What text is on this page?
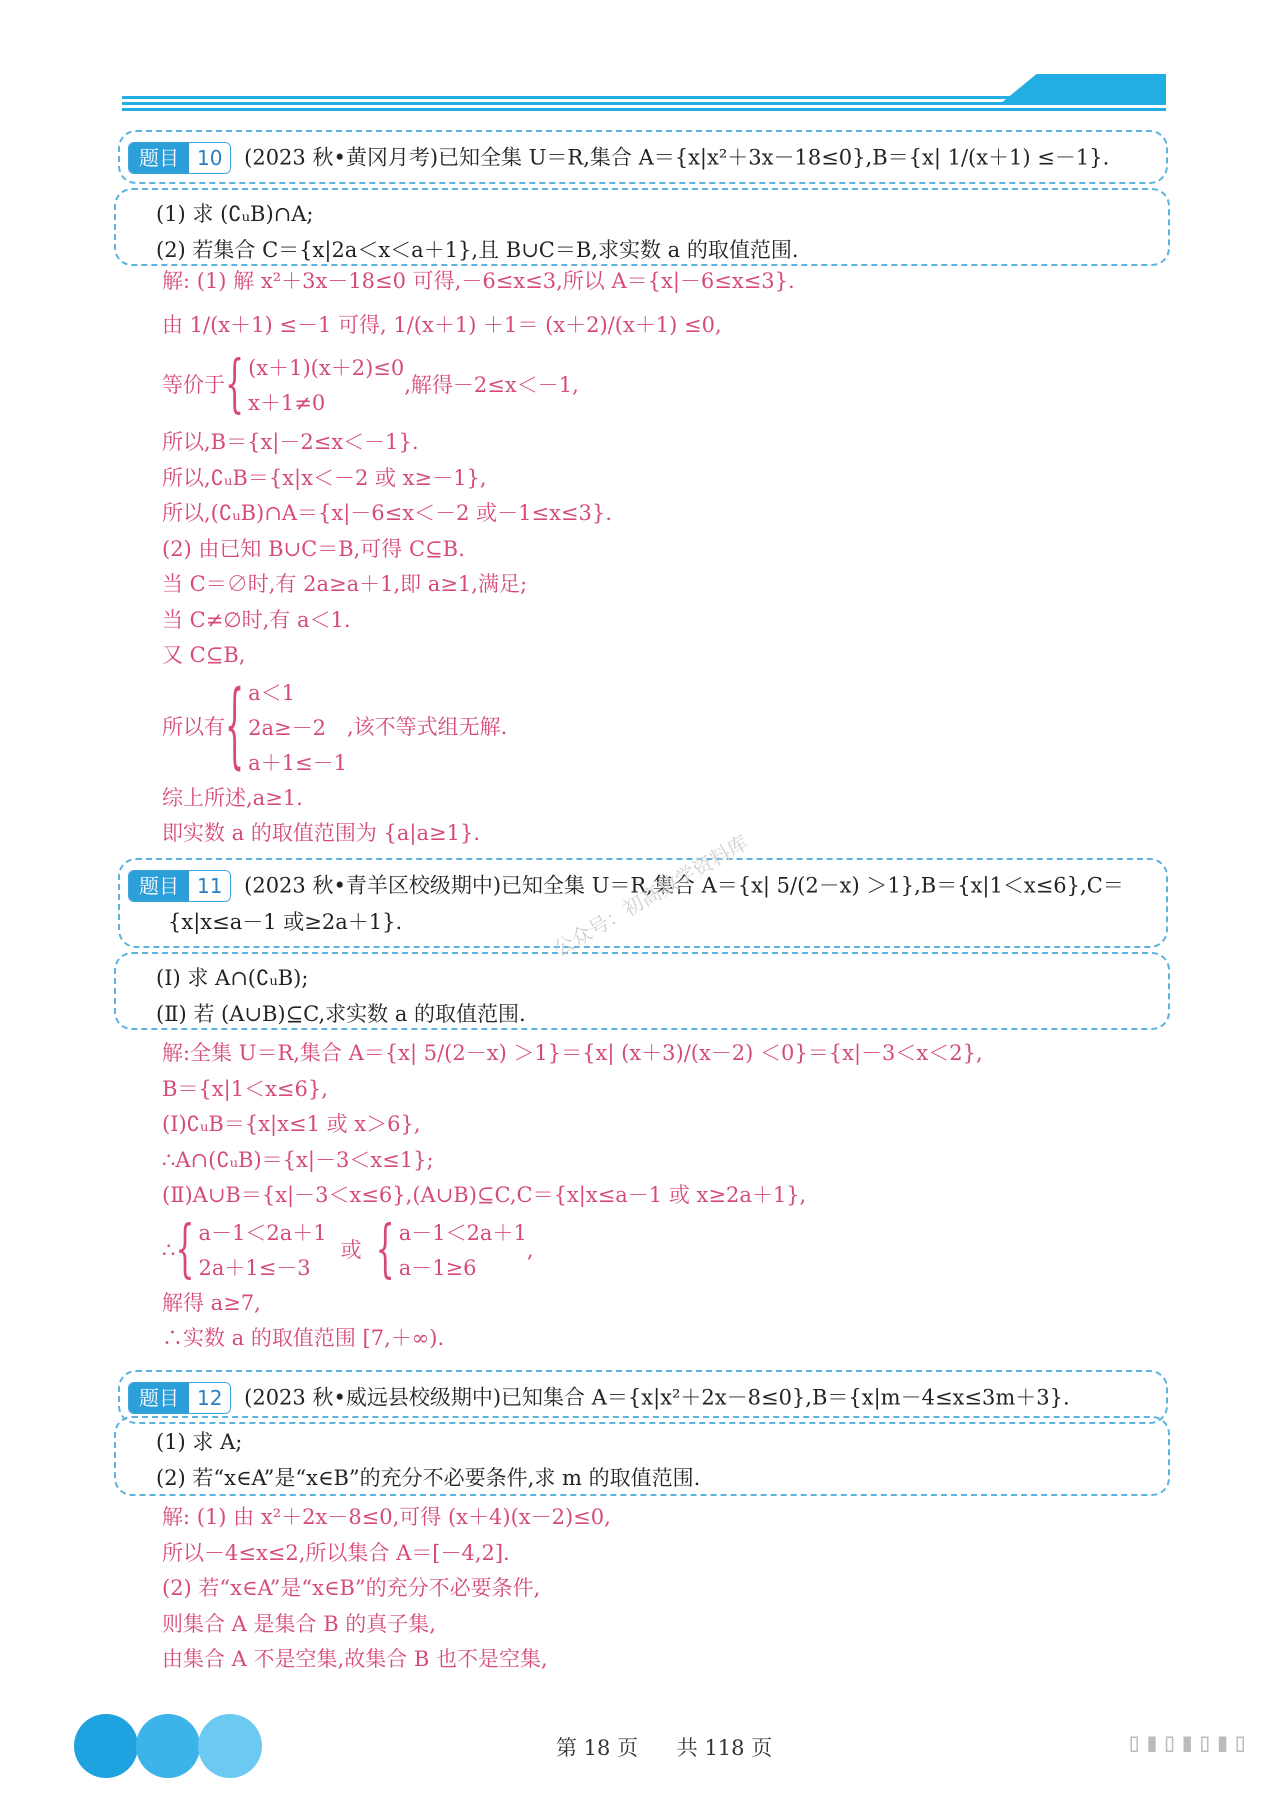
题目 10 (2023 秋•黄冈月考)已知全集 U＝R,集合 A＝{x|x²＋3x－18≤0},B＝{x| 1/(x＋1) ≤－1}.
(1) 求 (∁ᵤB)∩A;
(2) 若集合 C＝{x|2a＜x＜a＋1},且 B∪C＝B,求实数 a 的取值范围.
解: (1) 解 x²＋3x－18≤0 可得,－6≤x≤3,所以 A＝{x|－6≤x≤3}.
由 1/(x＋1) ≤－1 可得, 1/(x＋1) ＋1＝ (x＋2)/(x＋1) ≤0,
等价于 { (x＋1)(x＋2)≤0
x＋1≠0
,解得－2≤x＜－1,
所以,B＝{x|－2≤x＜－1}.
所以,∁ᵤB＝{x|x＜－2 或 x≥－1},
所以,(∁ᵤB)∩A＝{x|－6≤x＜－2 或－1≤x≤3}.
(2) 由已知 B∪C＝B,可得 C⊆B.
当 C＝∅时,有 2a≥a＋1,即 a≥1,满足;
当 C≠∅时,有 a＜1.
又 C⊆B,
所以有 { a＜1
2a≥－2
a＋1≤－1
,该不等式组无解.
综上所述,a≥1.
即实数 a 的取值范围为 {a|a≥1}.
题目 11 (2023 秋•青羊区校级期中)已知全集 U＝R,集合 A＝{x| 5/(2－x) ＞1},B＝{x|1＜x≤6},C＝
{x|x≤a－1 或≥2a＋1}.
(Ⅰ) 求 A∩(∁ᵤB);
(Ⅱ) 若 (A∪B)⊆C,求实数 a 的取值范围.
公众号：初高数学资料库
解:全集 U＝R,集合 A＝{x| 5/(2－x) ＞1}＝{x| (x＋3)/(x－2) ＜0}＝{x|－3＜x＜2},
B＝{x|1＜x≤6},
(Ⅰ)∁ᵤB＝{x|x≤1 或 x＞6},
∴A∩(∁ᵤB)＝{x|－3＜x≤1};
(Ⅱ)A∪B＝{x|－3＜x≤6},(A∪B)⊆C,C＝{x|x≤a－1 或 x≥2a＋1},
∴ { a－1＜2a＋1
2a＋1≤－3
或 { a－1＜2a＋1
a－1≥6
,
解得 a≥7,
∴实数 a 的取值范围 [7,＋∞).
题目 12 (2023 秋•威远县校级期中)已知集合 A＝{x|x²＋2x－8≤0},B＝{x|m－4≤x≤3m＋3}.
(1) 求 A;
(2) 若“x∈A”是“x∈B”的充分不必要条件,求 m 的取值范围.
解: (1) 由 x²＋2x－8≤0,可得 (x＋4)(x－2)≤0,
所以－4≤x≤2,所以集合 A＝[－4,2].
(2) 若“x∈A”是“x∈B”的充分不必要条件,
则集合 A 是集合 B 的真子集,
由集合 A 不是空集,故集合 B 也不是空集,
第 18 页 共 118 页	▯▮▯▮▯▮▯
